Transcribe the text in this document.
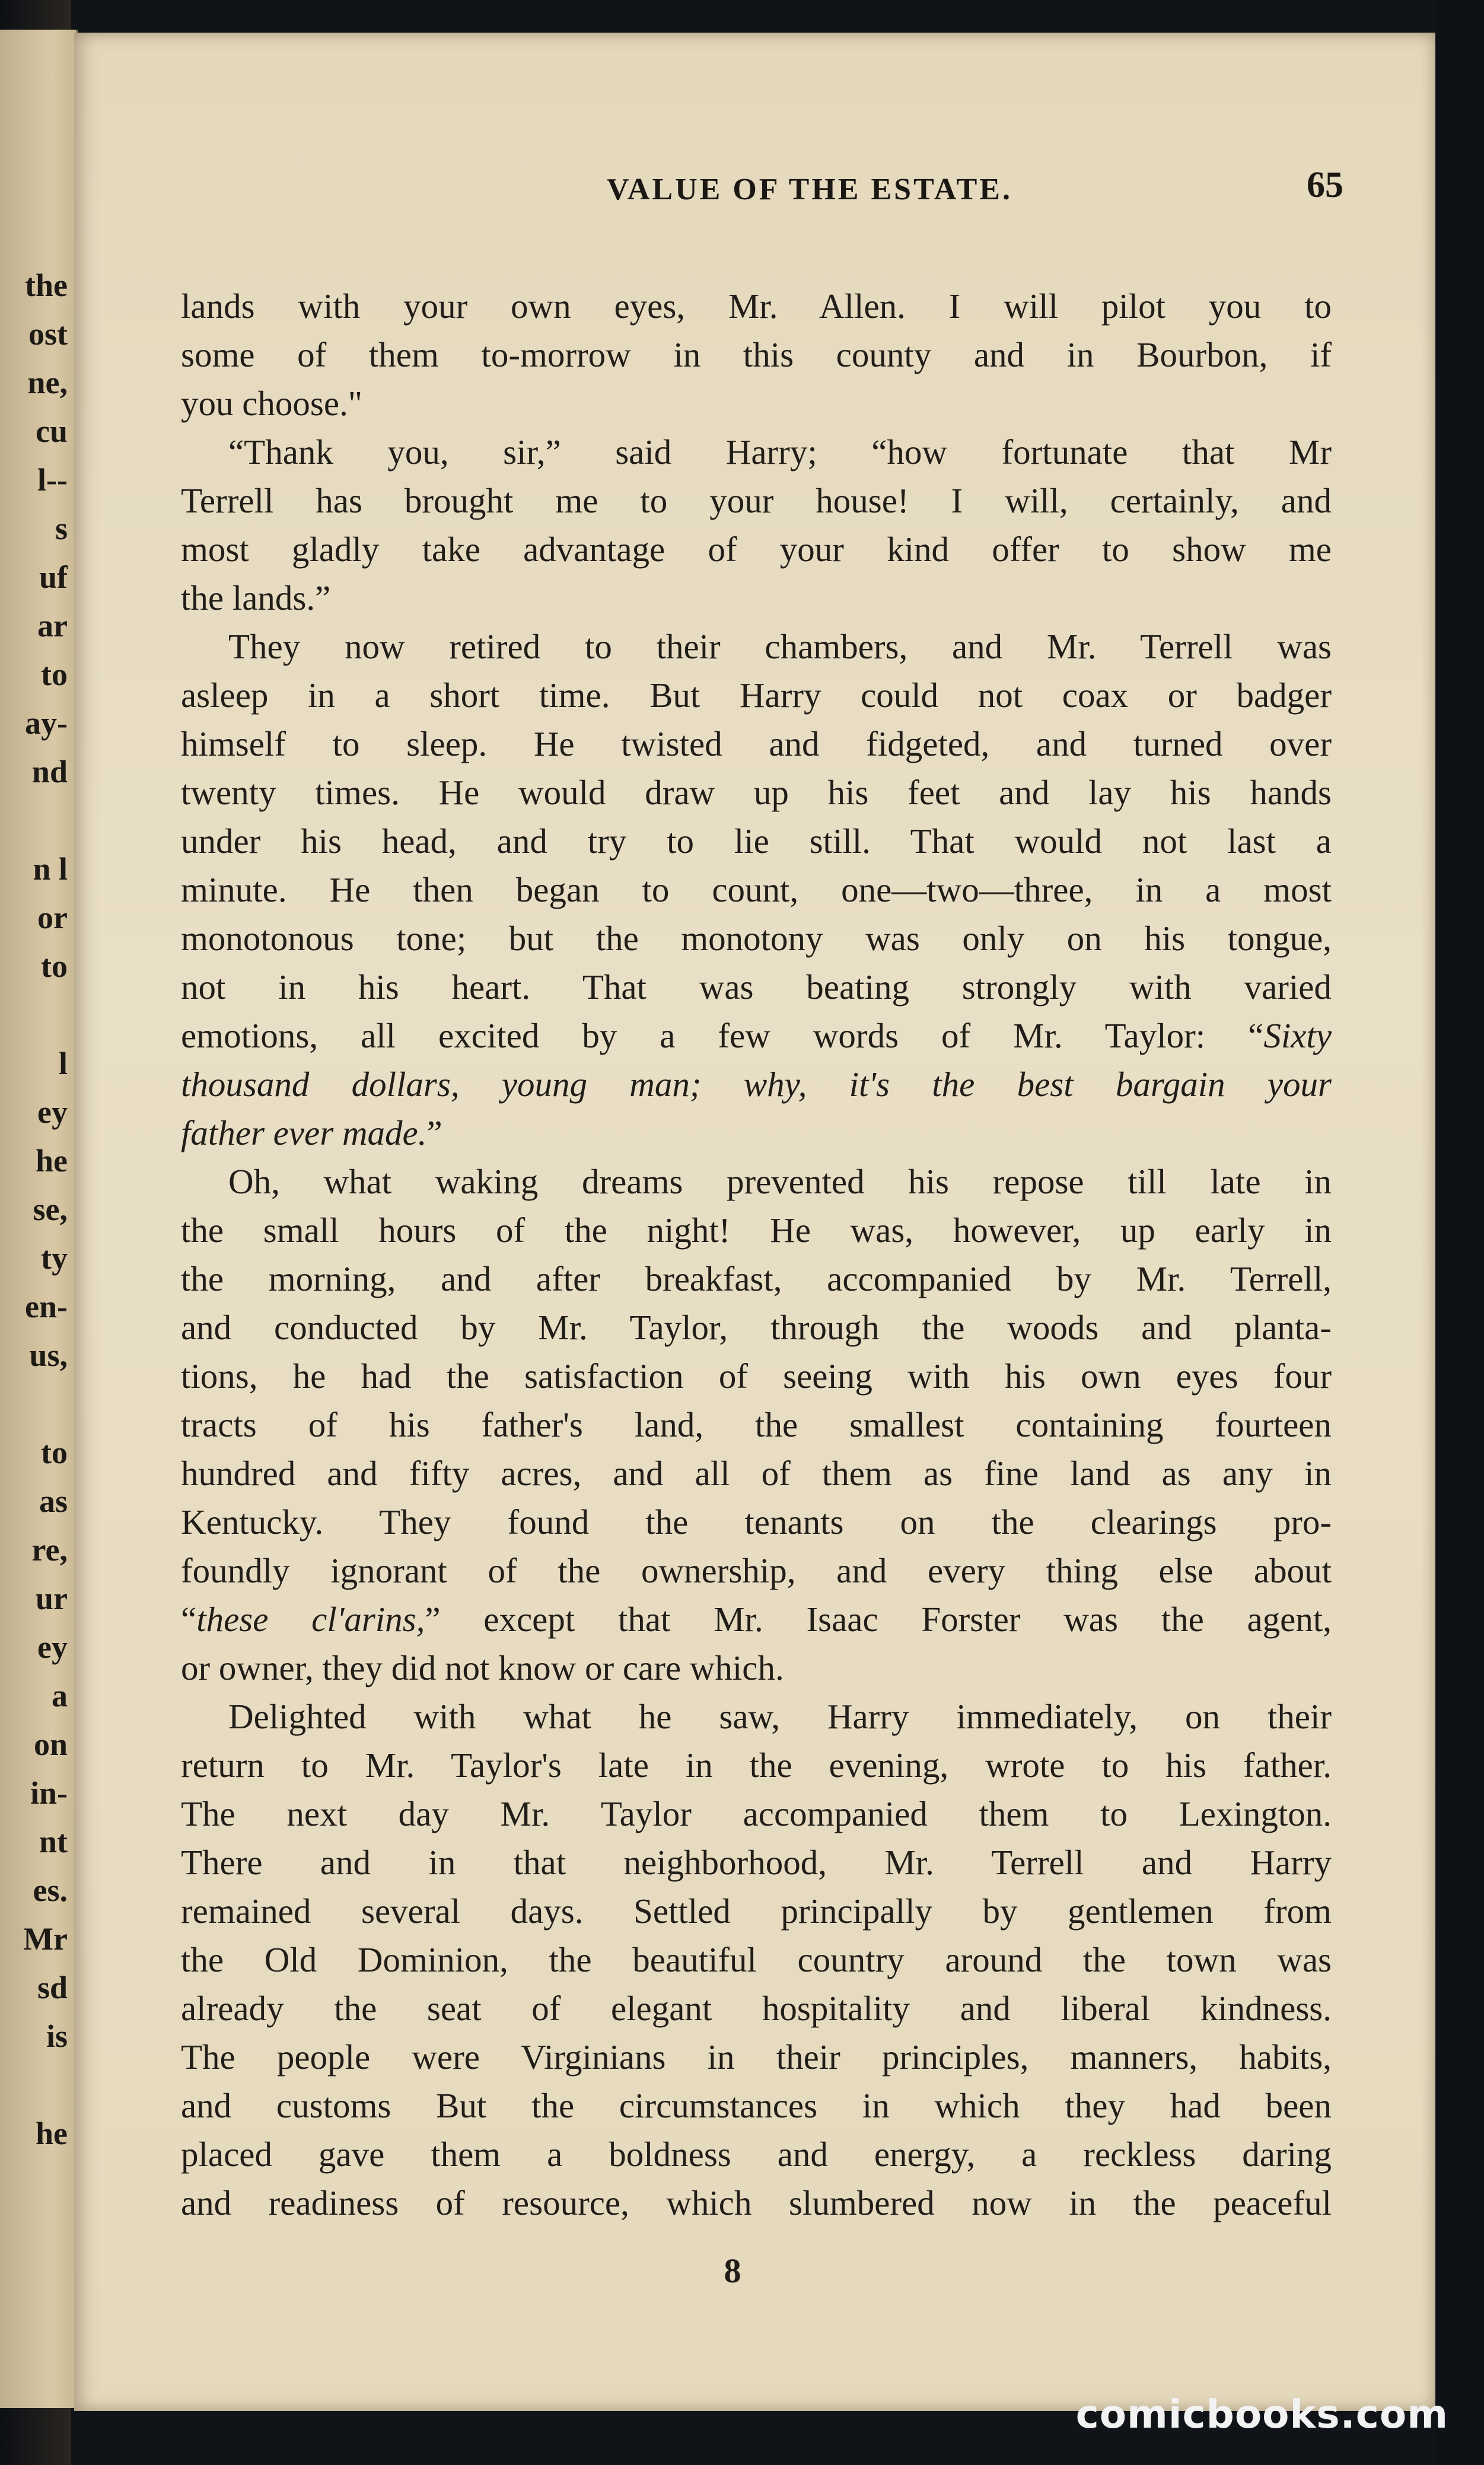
the
ost
ne,
cu
l--
s
uf
ar
to
ay-
nd
n l
or
to
l
ey
he
se,
ty
en-
us,
to
as
re,
ur
ey
a
on
in-
nt
es.
Mr
sd
is
he
VALUE OF THE ESTATE.	65
lands with your own eyes, Mr. Allen. I will pilot you to
some of them to-morrow in this county and in Bourbon, if
you choose."
“Thank you, sir,” said Harry; “how fortunate that Mr
Terrell has brought me to your house! I will, certainly, and
most gladly take advantage of your kind offer to show me
the lands.”
They now retired to their chambers, and Mr. Terrell was
asleep in a short time. But Harry could not coax or badger
himself to sleep. He twisted and fidgeted, and turned over
twenty times. He would draw up his feet and lay his hands
under his head, and try to lie still. That would not last a
minute. He then began to count, one—two—three, in a most
monotonous tone; but the monotony was only on his tongue,
not in his heart. That was beating strongly with varied
emotions, all excited by a few words of Mr. Taylor: “Sixty
thousand dollars, young man; why, it's the best bargain your
father ever made.”
Oh, what waking dreams prevented his repose till late in
the small hours of the night! He was, however, up early in
the morning, and after breakfast, accompanied by Mr. Terrell,
and conducted by Mr. Taylor, through the woods and planta-
tions, he had the satisfaction of seeing with his own eyes four
tracts of his father's land, the smallest containing fourteen
hundred and fifty acres, and all of them as fine land as any in
Kentucky. They found the tenants on the clearings pro-
foundly ignorant of the ownership, and every thing else about
“these cl'arins,” except that Mr. Isaac Forster was the agent,
or owner, they did not know or care which.
Delighted with what he saw, Harry immediately, on their
return to Mr. Taylor's late in the evening, wrote to his father.
The next day Mr. Taylor accompanied them to Lexington.
There and in that neighborhood, Mr. Terrell and Harry
remained several days. Settled principally by gentlemen from
the Old Dominion, the beautiful country around the town was
already the seat of elegant hospitality and liberal kindness.
The people were Virginians in their principles, manners, habits,
and customs But the circumstances in which they had been
placed gave them a boldness and energy, a reckless daring
and readiness of resource, which slumbered now in the peaceful
8
comicbooks.com
